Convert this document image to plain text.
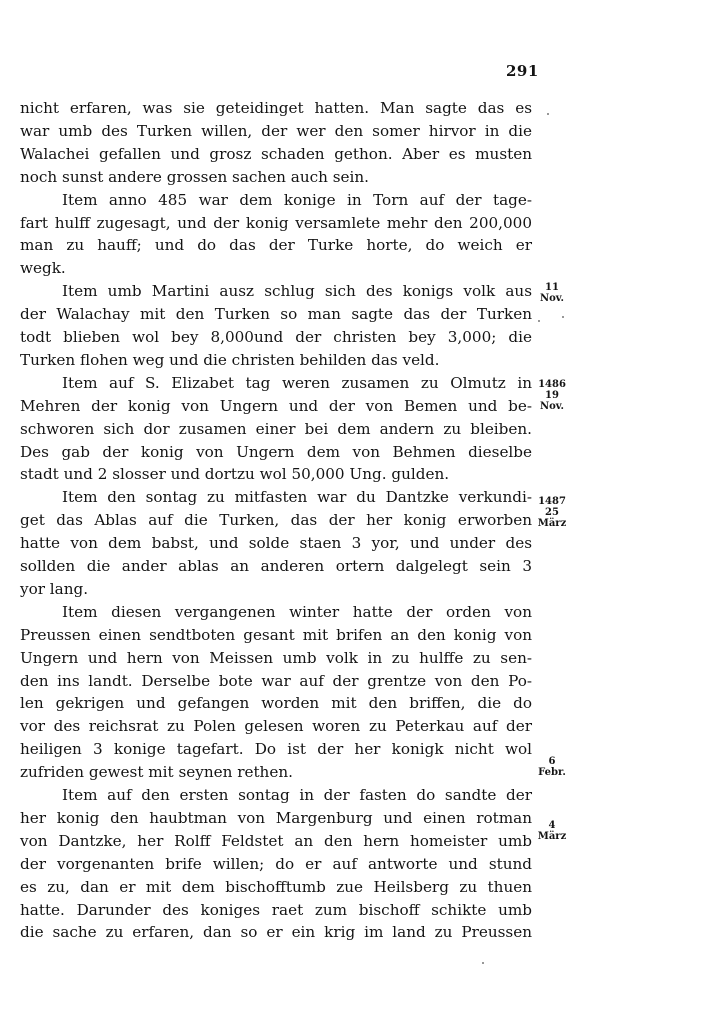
291
nicht erfaren, was sie geteidinget hatten. Man sagte das es
war umb des Turken willen, der wer den somer hirvor in die
Walachei gefallen und grosz schaden gethon. Aber es musten
noch sunst andere grossen sachen auch sein.
Item anno 485 war dem konige in Torn auf der tage-
fart hulff zugesagt, und der konig versamlete mehr den 200,000
man zu hauff; und do das der Turke horte, do weich er
wegk.
Item umb Martini ausz schlug sich des konigs volk aus
der Walachay mit den Turken so man sagte das der Turken
todt blieben wol bey 8,000und der christen bey 3,000; die
Turken flohen weg und die christen behilden das veld.
Item auf S. Elizabet tag weren zusamen zu Olmutz in
Mehren der konig von Ungern und der von Bemen und be-
schworen sich dor zusamen einer bei dem andern zu bleiben.
Des gab der konig von Ungern dem von Behmen dieselbe
stadt und 2 slosser und dortzu wol 50,000 Ung. gulden.
Item den sontag zu mitfasten war du Dantzke verkundi-
get das Ablas auf die Turken, das der her konig erworben
hatte von dem babst, und solde staen 3 yor, und under des
sollden die ander ablas an anderen ortern dalgelegt sein 3
yor lang.
Item diesen vergangenen winter hatte der orden von
Preussen einen sendtboten gesant mit brifen an den konig von
Ungern und hern von Meissen umb volk in zu hulffe zu sen-
den ins landt. Derselbe bote war auf der grentze von den Po-
len gekrigen und gefangen worden mit den briffen, die do
vor des reichsrat zu Polen gelesen woren zu Peterkau auf der
heiligen 3 konige tagefart. Do ist der her konigk nicht wol
zufriden gewest mit seynen rethen.
Item auf den ersten sontag in der fasten do sandte der
her konig den haubtman von Margenburg und einen rotman
von Dantzke, her Rolff Feldstet an den hern homeister umb
der vorgenanten brife willen; do er auf antworte und stund
es zu, dan er mit dem bischofftumb zue Heilsberg zu thuen
hatte. Darunder des koniges raet zum bischoff schikte umb
die sache zu erfaren, dan so er ein krig im land zu Preussen
11
Nov.
1486
19
Nov.
1487
25
März
6
Febr.
4
März
